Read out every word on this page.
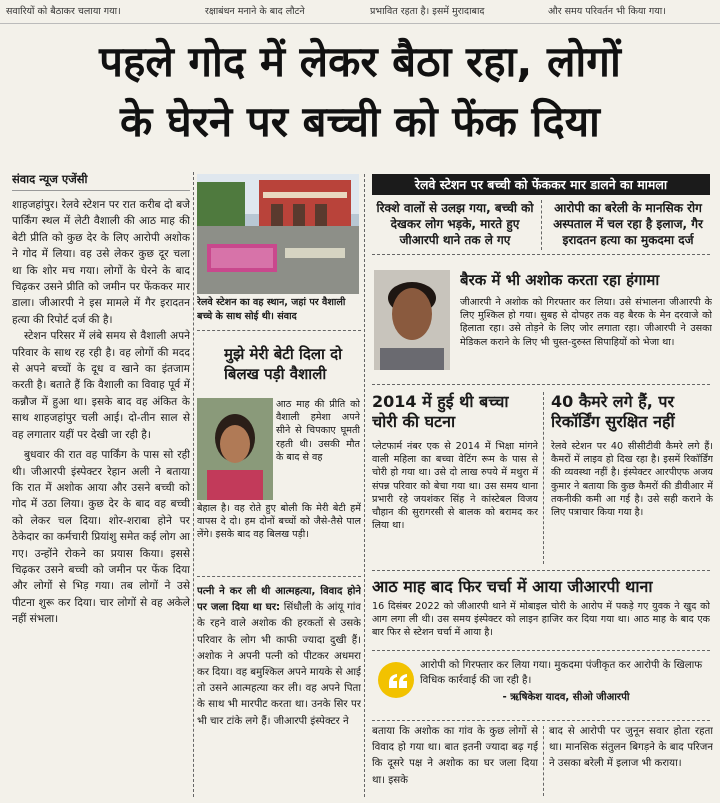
सवारियों को बैठाकर चलाया गया।	रक्षाबंधन मनाने के बाद लौटने	प्रभावित रहता है। इसमें मुरादाबाद	और समय परिवर्तन भी किया गया।
पहले गोद में लेकर बैठा रहा, लोगों
के घेरने पर बच्ची को फेंक दिया
संवाद न्यूज एजेंसी

शाहजहांपुर। रेलवे स्टेशन पर रात करीब दो बजे पार्किंग स्थल में लेटी वैशाली की आठ माह की बेटी प्रीति को कुछ देर के लिए आरोपी अशोक ने गोद में लिया। वह उसे लेकर कुछ दूर चला था कि शोर मच गया। लोगों के घेरने के बाद चिढ़कर उसने प्रीति को जमीन पर फेंककर मार डाला। जीआरपी ने इस मामले में गैर इरादतन हत्या की रिपोर्ट दर्ज की है।

स्टेशन परिसर में लंबे समय से वैशाली अपने परिवार के साथ रह रही है। वह लोगों की मदद से अपने बच्चों के दूध व खाने का इंतजाम करती है। बताते हैं कि वैशाली का विवाह पूर्व में कन्नौज में हुआ था। इसके बाद वह अंकित के साथ शाहजहांपुर चली आई। दो-तीन साल से वह लगातार यहीं पर देखी जा रही है।

बुधवार की रात वह पार्किंग के पास सो रही थी। जीआरपी इंस्पेक्टर रेहान अली ने बताया कि रात में अशोक आया और उसने बच्ची को गोद में उठा लिया। कुछ देर के बाद वह बच्ची को लेकर चल दिया। शोर-शराबा होने पर ठेकेदार का कर्मचारी प्रियांशु समेत कई लोग आ गए। उन्होंने रोकने का प्रयास किया। इससे चिढ़कर उसने बच्ची को जमीन पर फेंक दिया और लोगों से भिड़ गया। तब लोगों ने उसे पीटना शुरू कर दिया। चार लोगों से वह अकेले नहीं संभला।

रेलवे स्टेशन का वह स्थान, जहां पर वैशाली बच्चे के साथ सोई थी। संवाद
मुझे मेरी बेटी दिला दो बिलख पड़ी वैशाली
आठ माह की प्रीति को वैशाली हमेशा अपने सीने से चिपकाए घूमती रहती थी। उसकी मौत के बाद से वह
बेहाल है। वह रोते हुए बोली कि मेरी बेटी हमें वापस दे दो। हम दोनों बच्चों को जैसे-तैसे पाल लेंगे। इसके बाद वह बिलख पड़ी।
पत्नी ने कर ली थी आत्महत्या, विवाद होने पर जला दिया था घर: सिंधौली के आंयू गांव के रहने वाले अशोक की हरकतों से उसके परिवार के लोग भी काफी ज्यादा दुखी हैं। अशोक ने अपनी पत्नी को पीटकर अधमरा कर दिया। वह बमुश्किल अपने मायके से आई तो उसने आत्महत्या कर ली। वह अपने पिता के साथ भी मारपीट करता था। उनके सिर पर भी चार टांके लगे हैं। जीआरपी इंस्पेक्टर ने
रेलवे स्टेशन पर बच्ची को फेंककर मार डालने का मामला
रिक्शे वालों से उलझ गया, बच्ची को देखकर लोग भड़के, मारते हुए जीआरपी थाने तक ले गए
आरोपी का बरेली के मानसिक रोग अस्पताल में चल रहा है इलाज, गैर इरादतन हत्या का मुकदमा दर्ज
बैरक में भी अशोक करता रहा हंगामा
जीआरपी ने अशोक को गिरफ्तार कर लिया। उसे संभालना जीआरपी के लिए मुश्किल हो गया। सुबह से दोपहर तक वह बैरक के मेन दरवाजे को हिलाता रहा। उसे तोड़ने के लिए जोर लगाता रहा। जीआरपी ने उसका मेडिकल कराने के लिए भी चुस्त-दुरुस्त सिपाहियों को भेजा था।
2014 में हुई थी बच्चा चोरी की घटना
प्लेटफार्म नंबर एक से 2014 में भिक्षा मांगने वाली महिला का बच्चा वेटिंग रूम के पास से चोरी हो गया था। उसे दो लाख रुपये में मथुरा में संपन्न परिवार को बेचा गया था। उस समय थाना प्रभारी रहे जयशंकर सिंह ने कांस्टेबल विजय चौहान की सुरागरसी से बालक को बरामद कर लिया था।
40 कैमरे लगे हैं, पर रिकॉर्डिंग सुरक्षित नहीं
रेलवे स्टेशन पर 40 सीसीटीवी कैमरे लगे हैं। कैमरों में लाइव हो दिख रहा है। इसमें रिकॉर्डिंग की व्यवस्था नहीं है। इंस्पेक्टर आरपीएफ अजय कुमार ने बताया कि कुछ कैमरों की डीवीआर में तकनीकी कमी आ गई है। उसे सही कराने के लिए पत्राचार किया गया है।
आठ माह बाद फिर चर्चा में आया जीआरपी थाना
16 दिसंबर 2022 को जीआरपी थाने में मोबाइल चोरी के आरोप में पकड़े गए युवक ने खुद को आग लगा ली थी। उस समय इंस्पेक्टर को लाइन हाजिर कर दिया गया था। आठ माह के बाद एक बार फिर से स्टेशन चर्चा में आया है।
आरोपी को गिरफ्तार कर लिया गया। मुकदमा पंजीकृत कर आरोपी के खिलाफ विधिक कार्रवाई की जा रही है।
- ऋषिकेश यादव, सीओ जीआरपी
बताया कि अशोक का गांव के कुछ लोगों से विवाद हो गया था। बात इतनी ज्यादा बढ़ गई कि दूसरे पक्ष ने अशोक का घर जला दिया था। इसके
बाद से आरोपी पर जुनून सवार होता रहता था। मानसिक संतुलन बिगड़ने के बाद परिजन ने उसका बरेली में इलाज भी कराया।
